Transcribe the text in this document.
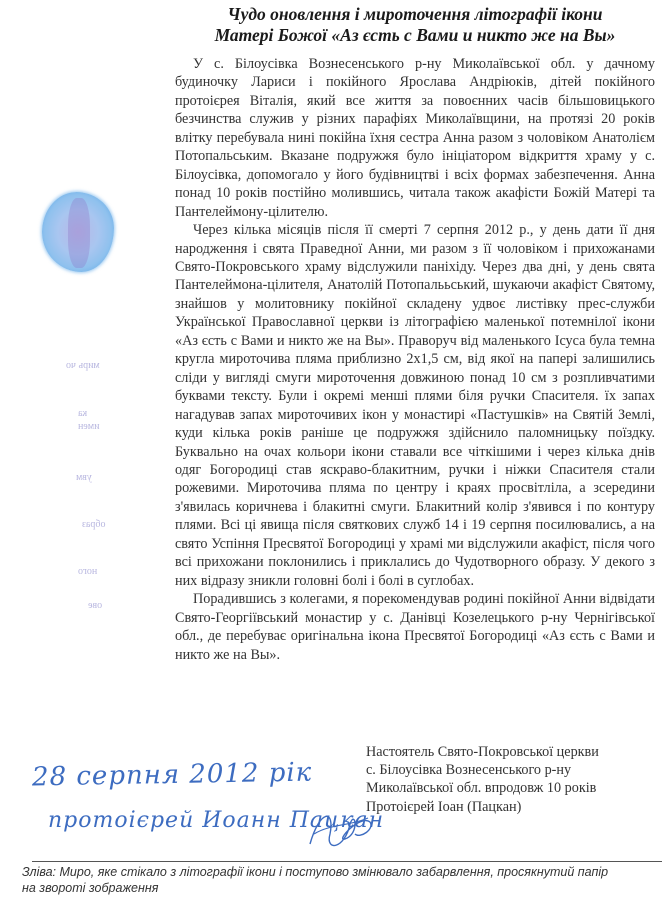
Чудо оновлення і мироточення літографії ікони
Матері Божої «Аз єсть с Вами и никто же на Вы»
мирь чо
ка
имен
увм
образ
ного
ове

У с. Білоусівка Вознесенського р-ну Миколаївської обл. у дачному будиночку Лариси і покійного Ярослава Андріюків, дітей покійного протоієрея Віталія, який все життя за повоєнних часів більшовицького безчинства служив у різних парафіях Миколаївщини, на протязі 20 років влітку перебувала нині покійна їхня сестра Анна разом з чоловіком Анатолієм Потопальським. Вказане подружжя було ініціатором відкриття храму у с. Білоусівка, допомогало у його будівництві і всіх формах забезпечення. Анна понад 10 років постійно молившись, читала також акафісти Божій Матері та Пантелеймону-цілителю.

Через кілька місяців після її смерті 7 серпня 2012 р., у день дати її дня народження і свята Праведної Анни, ми разом з її чоловіком і прихожанами Свято-Покровського храму відслужили паніхіду. Через два дні, у день свята Пантелеймона-цілителя, Анатолій Потопалььський, шукаючи акафіст Святому, знайшов у молитовнику покійної складену удвоє листівку прес-служби Української Православної церкви із літографією маленької потемнілої ікони «Аз єсть с Вами и никто же на Вы». Праворуч від маленького Ісуса була темна кругла мироточива пляма приблизно 2х1,5 см, від якої на папері залишились сліди у вигляді смуги мироточення довжиною понад 10 см з розпливчатими буквами тексту. Були і окремі менші плями біля ручки Спасителя. їх запах нагадував запах мироточивих ікон у монастирі «Пастушків» на Святій Землі, куди кілька років раніше це подружжя здійснило паломницьку поїздку. Буквально на очах кольори ікони ставали все чіткішими і через кілька днів одяг Богородиці став яскраво-блакитним, ручки і ніжки Спасителя стали рожевими. Мироточива пляма по центру і краях просвітліла, а зсередини з'явилась коричнева і блакитні смуги. Блакитний колір з'явився і по контуру плями. Всі ці явища після святкових служб 14 і 19 серпня посилювались, а на свято Успіння Пресвятої Богородиці у храмі ми відслужили акафіст, після чого всі прихожани поклонились і приклались до Чудотворного образу. У декого з них відразу зникли головні болі і болі в суглобах.

Порадившись з колегами, я порекомендував родині покійної Анни відвідати Свято-Георгіївський монастир у с. Данівці Козелецького р-ну Чернігівської обл., де перебуває оригінальна ікона Пресвятої Богородиці «Аз єсть с Вами и никто же на Вы».

Настоятель Свято-Покровської церкви
с. Білоусівка Вознесенського р-ну
Миколаївської обл. впродовж 10 років
Протоієрей Іоан (Пацкан)
28 серпня 2012 рік
протоієрей Иоанн Пацкан
Зліва: Миро, яке стікало з літографії ікони і поступово змінювало забарвлення, просякнутий папір на звороті зображення
